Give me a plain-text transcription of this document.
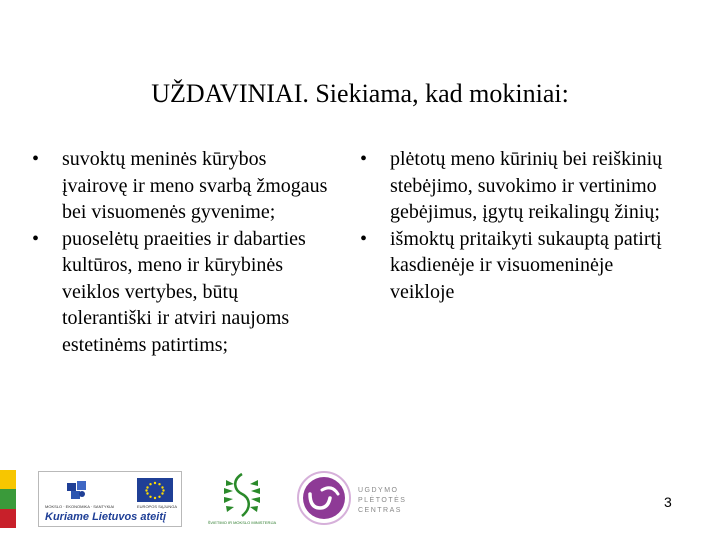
UŽDAVINIAI. Siekiama, kad mokiniai:
• suvoktų meninės kūrybos įvairovę ir meno svarbą žmogaus bei visuomenės gyvenime;
• puoselėtų praeities ir dabarties kultūros, meno ir kūrybinės veiklos vertybes, būtų tolerantiški ir atviri naujoms estetinėms patirtims;
• plėtotų meno kūrinių bei reiškinių stebėjimo, suvokimo ir vertinimo gebėjimus, įgytų reikalingų žinių;
• išmoktų pritaikyti sukauptą patirtį kasdienėje ir visuomeninėje veikloje
MOKSLO · EKONOMIKA · SANTYKIAI	EUROPOS SĄJUNGA
Kuriame Lietuvos ateitį	ŠVIETIMO IR MOKSLO MINISTERIJA
UGDYMO
PLĖTOTĖS
CENTRAS
3
